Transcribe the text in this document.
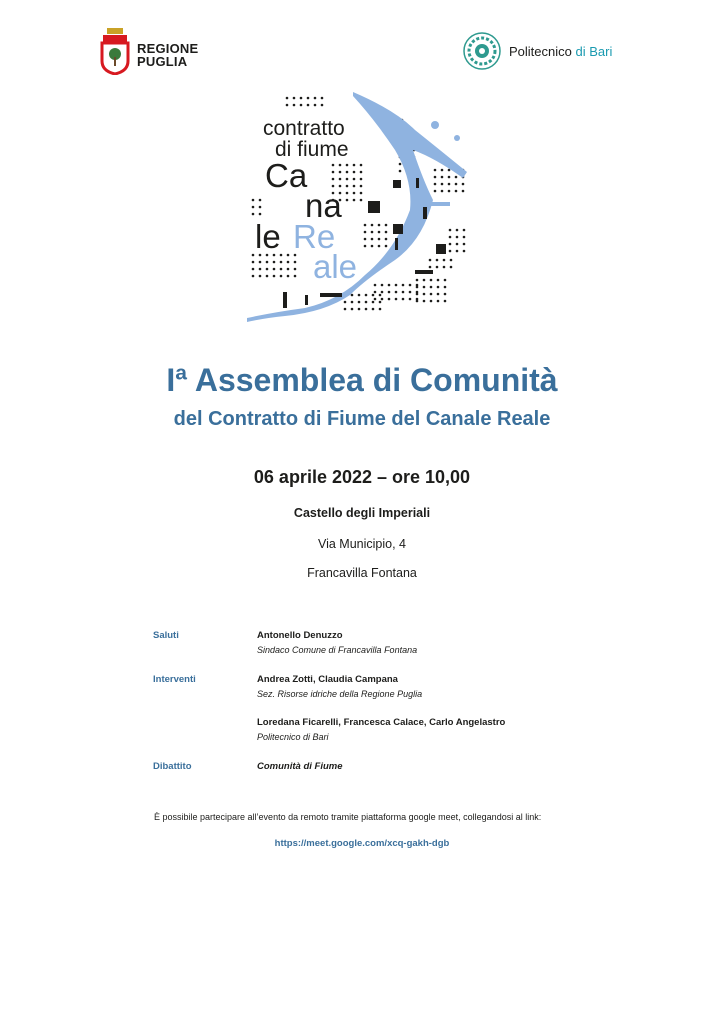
REGIONE
PUGLIA
Politecnico di Bari
contratto
di fiume
Ca
na
le Re
ale
Iª Assemblea di Comunità
del Contratto di Fiume del Canale Reale
06 aprile 2022 – ore 10,00
Castello degli Imperiali
Via Municipio, 4
Francavilla Fontana
Saluti	Antonello Denuzzo
Sindaco Comune di Francavilla Fontana
Interventi	Andrea Zotti, Claudia Campana
Sez. Risorse idriche della Regione Puglia
Loredana Ficarelli, Francesca Calace, Carlo Angelastro
Politecnico di Bari
Dibattito	Comunità di Fiume
È possibile partecipare all’evento da remoto tramite piattaforma google meet, collegandosi al link:
https://meet.google.com/xcq-gakh-dgb
